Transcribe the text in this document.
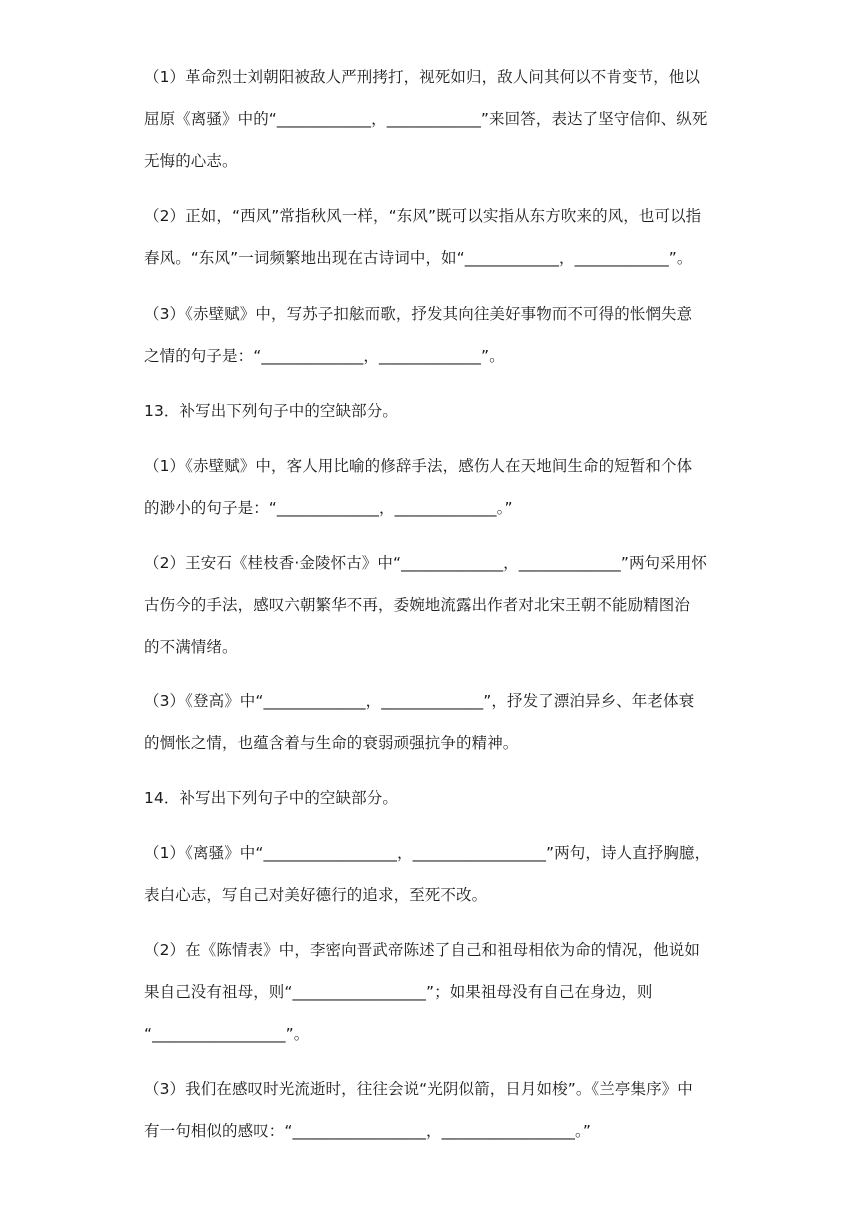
（1）革命烈士刘朝阳被敌人严刑拷打，视死如归，敌人问其何以不肯变节，他以
屈原《离骚》中的“____________，____________”来回答，表达了坚守信仰、纵死
无悔的心志。
（2）正如，“西风”常指秋风一样，“东风”既可以实指从东方吹来的风，也可以指
春风。“东风”一词频繁地出现在古诗词中，如“____________，____________”。
（3）《赤壁赋》中，写苏子扣舷而歌，抒发其向往美好事物而不可得的怅惘失意
之情的句子是：“_____________，_____________”。
13．补写出下列句子中的空缺部分。
（1）《赤壁赋》中，客人用比喻的修辞手法，感伤人在天地间生命的短暂和个体
的渺小的句子是：“_____________，_____________。”
（2）王安石《桂枝香·金陵怀古》中“_____________，_____________”两句采用怀
古伤今的手法，感叹六朝繁华不再，委婉地流露出作者对北宋王朝不能励精图治
的不满情绪。
（3）《登高》中“_____________，_____________”，抒发了漂泊异乡、年老体衰
的惆怅之情，也蕴含着与生命的衰弱顽强抗争的精神。
14．补写出下列句子中的空缺部分。
（1）《离骚》中“_________________，_________________”两句，诗人直抒胸臆，
表白心志，写自己对美好德行的追求，至死不改。
（2）在《陈情表》中，李密向晋武帝陈述了自己和祖母相依为命的情况，他说如
果自己没有祖母，则“_________________”；如果祖母没有自己在身边，则
“_________________”。
（3）我们在感叹时光流逝时，往往会说“光阴似箭，日月如梭”。《兰亭集序》中
有一句相似的感叹：“_________________，_________________。”
